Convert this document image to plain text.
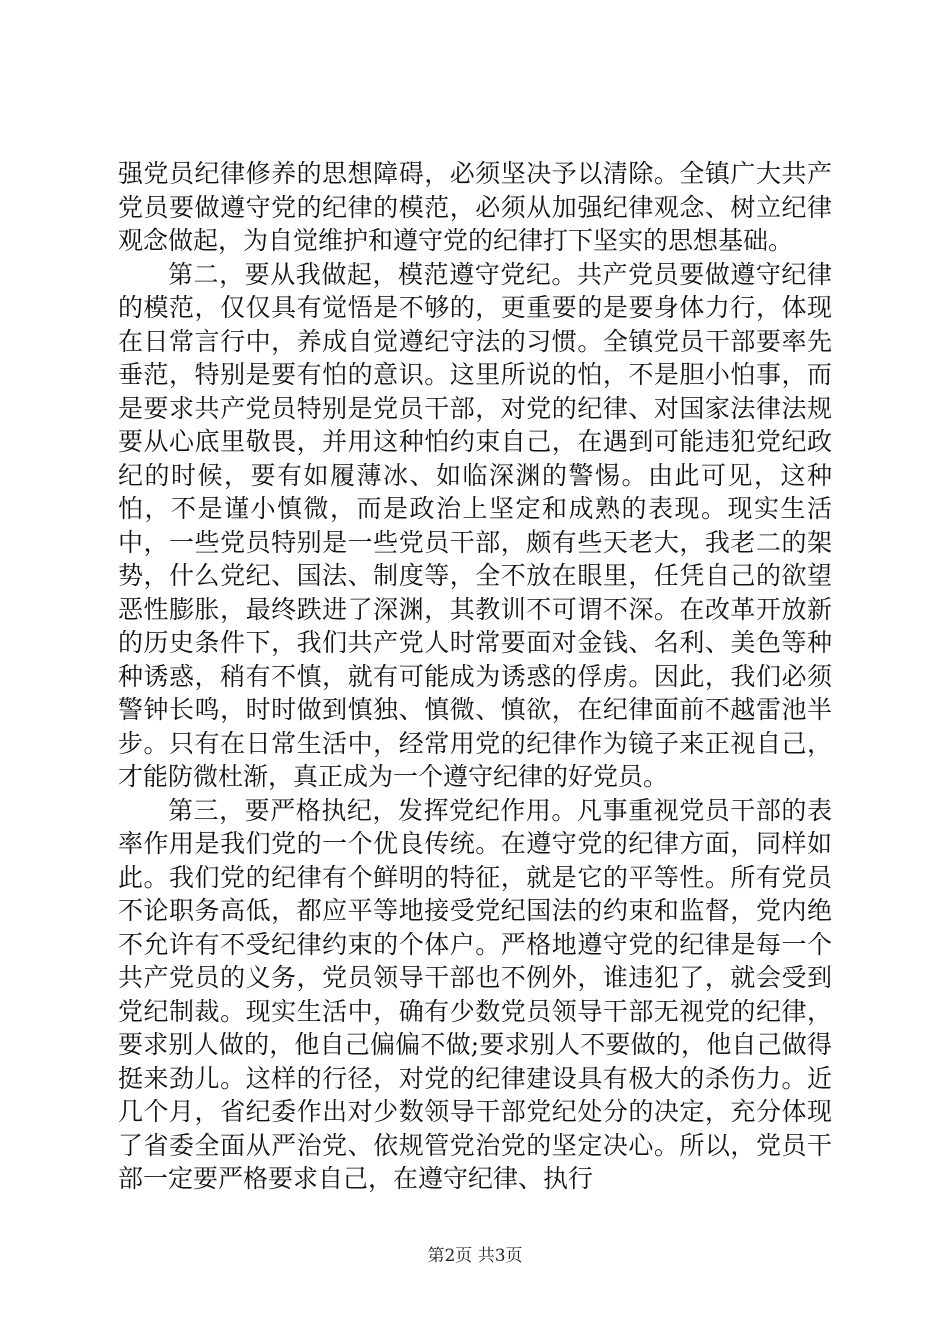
强党员纪律修养的思想障碍，必须坚决予以清除。全镇广大共产党员要做遵守党的纪律的模范，必须从加强纪律观念、树立纪律观念做起，为自觉维护和遵守党的纪律打下坚实的思想基础。

第二，要从我做起，模范遵守党纪。共产党员要做遵守纪律的模范，仅仅具有觉悟是不够的，更重要的是要身体力行，体现在日常言行中，养成自觉遵纪守法的习惯。全镇党员干部要率先垂范，特别是要有怕的意识。这里所说的怕，不是胆小怕事，而是要求共产党员特别是党员干部，对党的纪律、对国家法律法规要从心底里敬畏，并用这种怕约束自己，在遇到可能违犯党纪政纪的时候，要有如履薄冰、如临深渊的警惕。由此可见，这种怕，不是谨小慎微，而是政治上坚定和成熟的表现。现实生活中，一些党员特别是一些党员干部，颇有些天老大，我老二的架势，什么党纪、国法、制度等，全不放在眼里，任凭自己的欲望恶性膨胀，最终跌进了深渊，其教训不可谓不深。在改革开放新的历史条件下，我们共产党人时常要面对金钱、名利、美色等种种诱惑，稍有不慎，就有可能成为诱惑的俘虏。因此，我们必须警钟长鸣，时时做到慎独、慎微、慎欲，在纪律面前不越雷池半步。只有在日常生活中，经常用党的纪律作为镜子来正视自己，才能防微杜渐，真正成为一个遵守纪律的好党员。

第三，要严格执纪，发挥党纪作用。凡事重视党员干部的表率作用是我们党的一个优良传统。在遵守党的纪律方面，同样如此。我们党的纪律有个鲜明的特征，就是它的平等性。所有党员不论职务高低，都应平等地接受党纪国法的约束和监督，党内绝不允许有不受纪律约束的个体户。严格地遵守党的纪律是每一个共产党员的义务，党员领导干部也不例外，谁违犯了，就会受到党纪制裁。现实生活中，确有少数党员领导干部无视党的纪律，要求别人做的，他自己偏偏不做;要求别人不要做的，他自己做得挺来劲儿。这样的行径，对党的纪律建设具有极大的杀伤力。近几个月，省纪委作出对少数领导干部党纪处分的决定，充分体现了省委全面从严治党、依规管党治党的坚定决心。所以，党员干部一定要严格要求自己，在遵守纪律、执行

第2页 共3页
